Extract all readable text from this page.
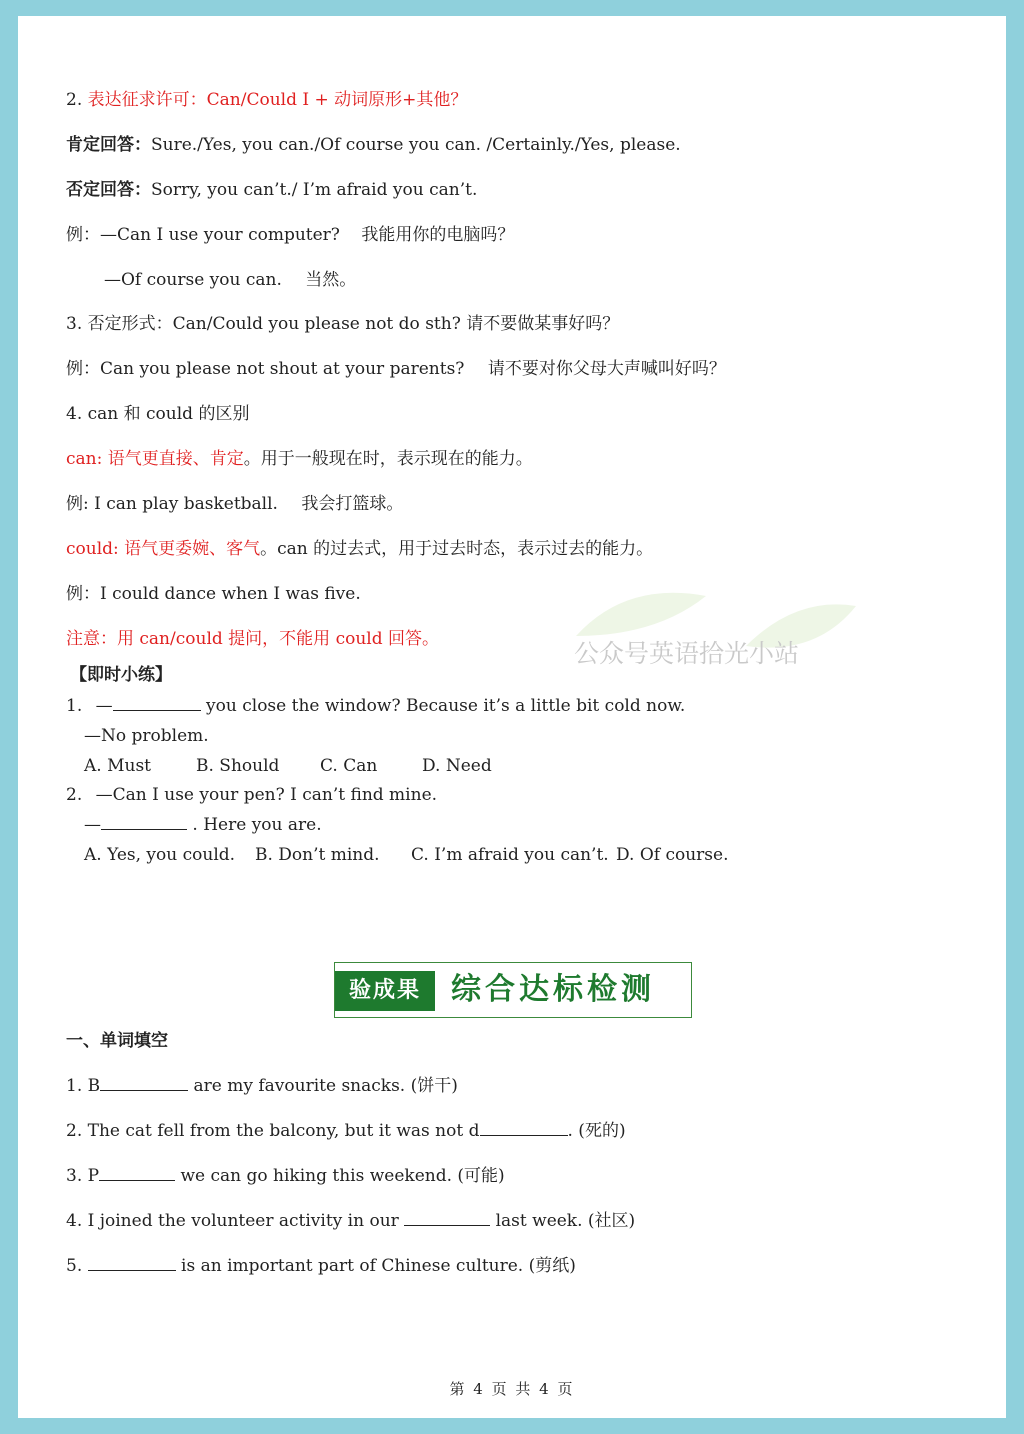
2. 表达征求许可：Can/Could I + 动词原形+其他？
肯定回答：Sure./Yes, you can./Of course you can. /Certainly./Yes, please.
否定回答：Sorry, you can’t./ I’m afraid you can’t.
例：—Can I use your computer? 我能用你的电脑吗？
—Of course you can. 当然。
3. 否定形式：Can/Could you please not do sth? 请不要做某事好吗？
例：Can you please not shout at your parents? 请不要对你父母大声喊叫好吗？
4. can 和 could 的区别
can: 语气更直接、肯定。用于一般现在时，表示现在的能力。
例: I can play basketball. 我会打篮球。
could: 语气更委婉、客气。can 的过去式，用于过去时态，表示过去的能力。
例：I could dance when I was five.
公众号英语拾光小站
注意：用 can/could 提问，不能用 could 回答。
【即时小练】
1. —	you close the window? Because it’s a little bit cold now.
—No problem.
A. Must	B. Should C. Can	D. Need
2. —Can I use your pen? I can’t find mine.
—	. Here you are.
A. Yes, you could. B. Don’t mind. C. I’m afraid you can’t. D. Of course.
验成果	综合达标检测
一、单词填空
1. B	are my favourite snacks. (饼干)
2. The cat fell from the balcony, but it was not d	. (死的)
3. P	we can go hiking this weekend. (可能)
4. I joined the volunteer activity in our	last week. (社区)
5.	is an important part of Chinese culture. (剪纸)
第 4 页 共 4 页
